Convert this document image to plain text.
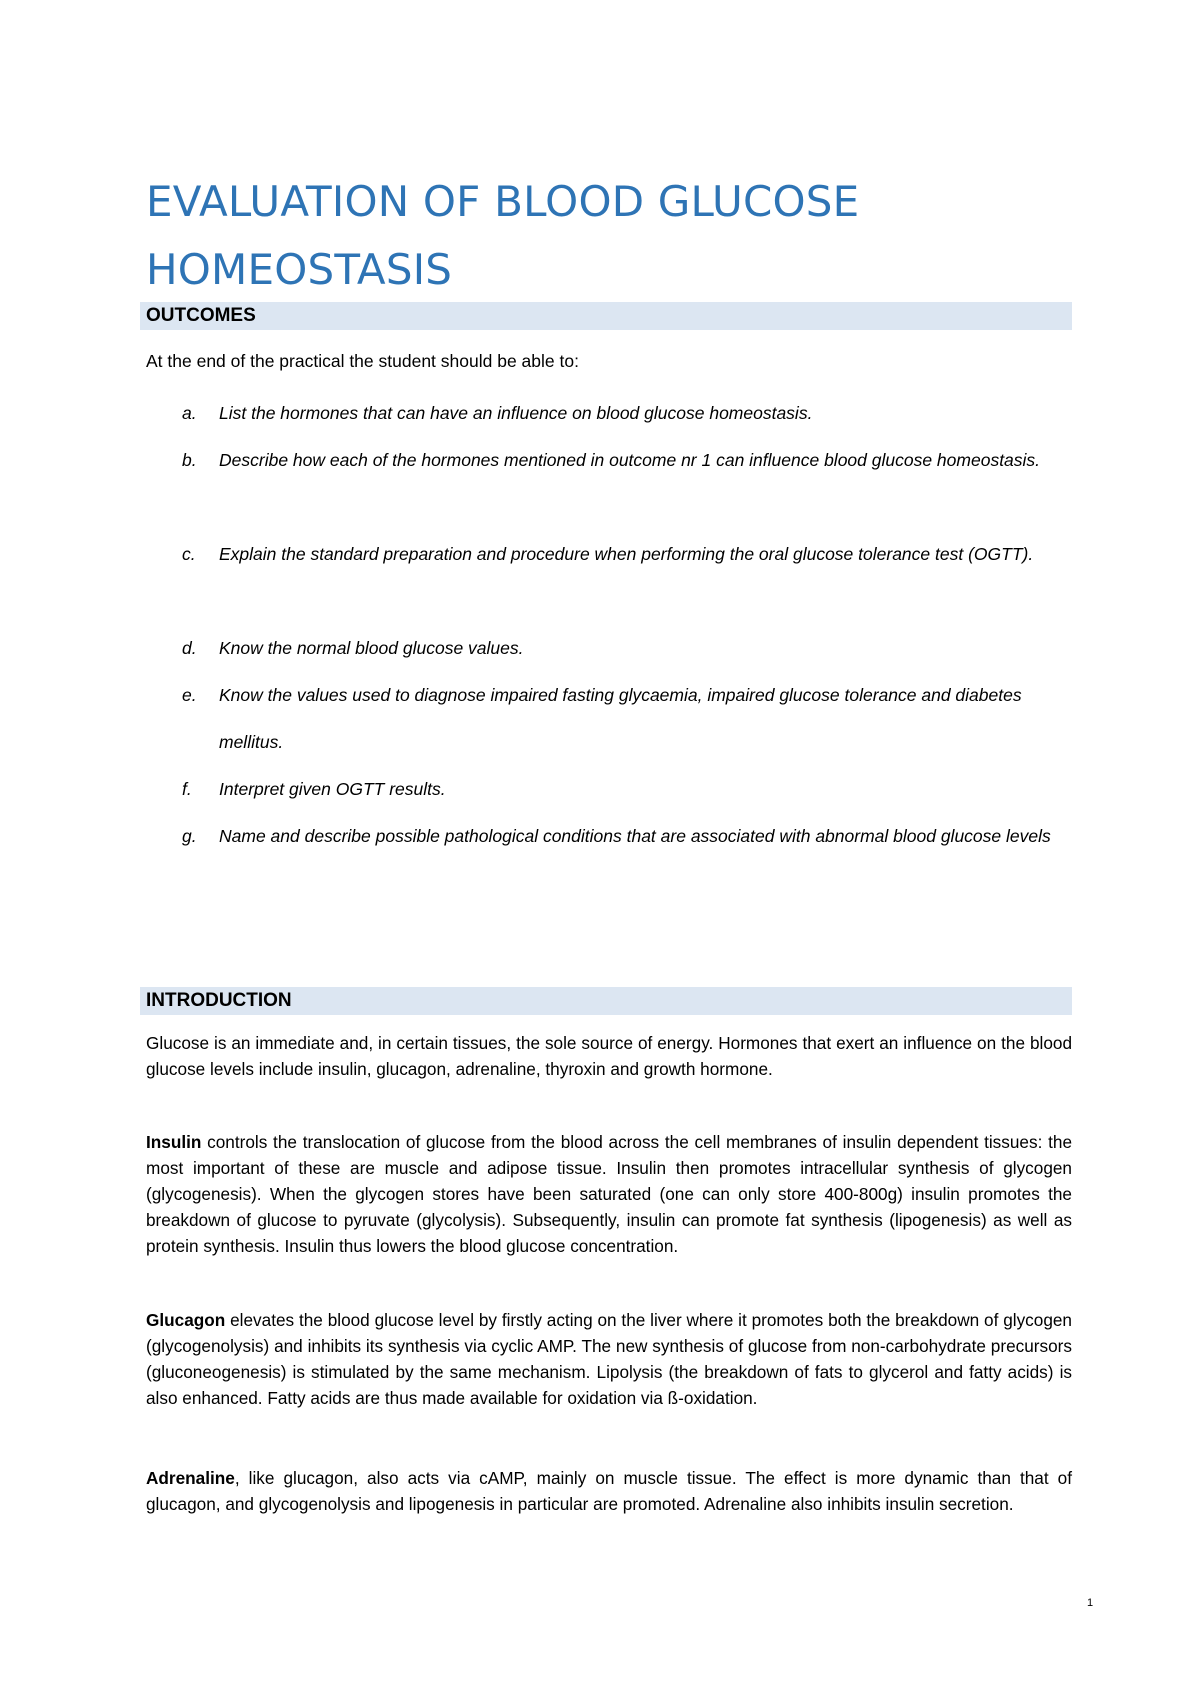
EVALUATION OF BLOOD GLUCOSE
HOMEOSTASIS
OUTCOMES
At the end of the practical the student should be able to:
a. List the hormones that can have an influence on blood glucose homeostasis.
b. Describe how each of the hormones mentioned in outcome nr 1 can influence blood glucose homeostasis.
c. Explain the standard preparation and procedure when performing the oral glucose tolerance test (OGTT).
d. Know the normal blood glucose values.
e. Know the values used to diagnose impaired fasting glycaemia, impaired glucose tolerance and diabetes mellitus.
f. Interpret given OGTT results.
g. Name and describe possible pathological conditions that are associated with abnormal blood glucose levels
INTRODUCTION
Glucose is an immediate and, in certain tissues, the sole source of energy. Hormones that exert an influence on the blood glucose levels include insulin, glucagon, adrenaline, thyroxin and growth hormone.
Insulin controls the translocation of glucose from the blood across the cell membranes of insulin dependent tissues: the most important of these are muscle and adipose tissue. Insulin then promotes intracellular synthesis of glycogen (glycogenesis). When the glycogen stores have been saturated (one can only store 400-800g) insulin promotes the breakdown of glucose to pyruvate (glycolysis). Subsequently, insulin can promote fat synthesis (lipogenesis) as well as protein synthesis. Insulin thus lowers the blood glucose concentration.
Glucagon elevates the blood glucose level by firstly acting on the liver where it promotes both the breakdown of glycogen (glycogenolysis) and inhibits its synthesis via cyclic AMP. The new synthesis of glucose from non-carbohydrate precursors (gluconeogenesis) is stimulated by the same mechanism. Lipolysis (the breakdown of fats to glycerol and fatty acids) is also enhanced. Fatty acids are thus made available for oxidation via ß-oxidation.
Adrenaline, like glucagon, also acts via cAMP, mainly on muscle tissue. The effect is more dynamic than that of glucagon, and glycogenolysis and lipogenesis in particular are promoted. Adrenaline also inhibits insulin secretion.
1
